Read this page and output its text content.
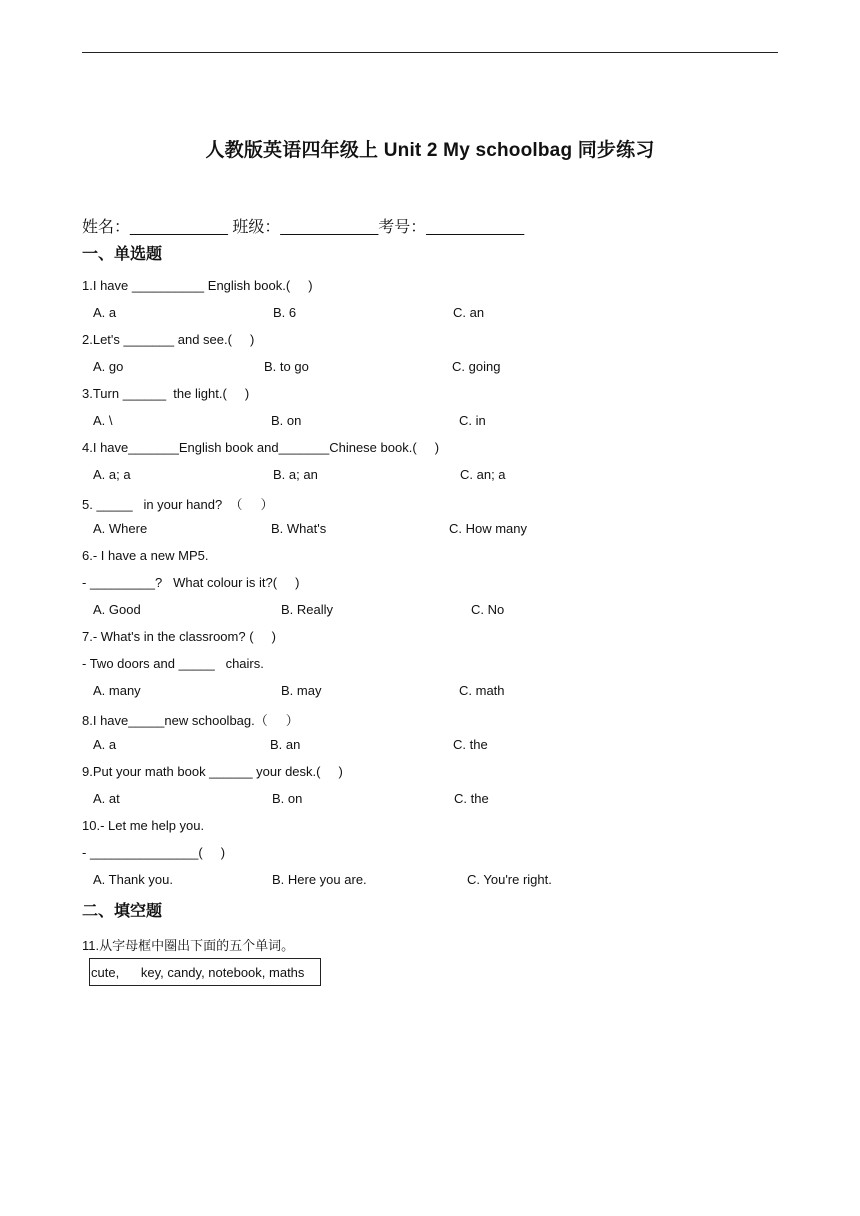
人教版英语四年级上 Unit 2 My schoolbag 同步练习
姓名：___________ 班级：___________考号：___________
一、单选题
1.I have __________ English book.(     )
A. a	B. 6	C. an
2.Let's _______ and see.(     )
A. go	B. to go	C. going
3.Turn ______  the light.(     )
A. \	B. on	C. in
4.I have_______English book and_______Chinese book.(     )
A. a; a	B. a; an	C. an; a
5. _____   in your hand?  （     ）
A. Where	B. What's	C. How many
6.- I have a new MP5.
- _________?   What colour is it?(     )
A. Good	B. Really	C. No
7.- What's in the classroom? (     )
- Two doors and _____   chairs.
A. many	B. may	C. math
8.I have_____new schoolbag.（     ）
A. a	B. an	C. the
9.Put your math book ______ your desk.(     )
A. at	B. on	C. the
10.- Let me help you.
- _______________(     )
A. Thank you.	B. Here you are.	C. You're right.
二、填空题
11.从字母框中圈出下面的五个单词。
cute,      key, candy, notebook, maths
